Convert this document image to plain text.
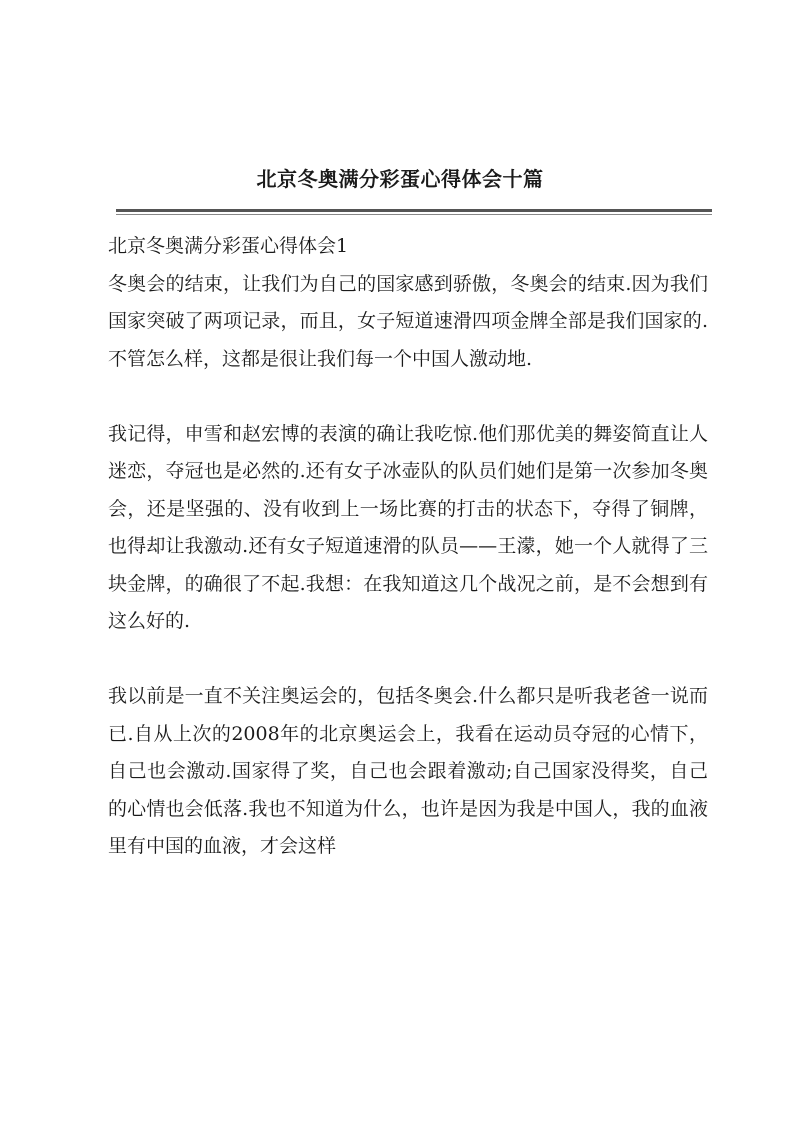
北京冬奥满分彩蛋心得体会十篇

北京冬奥满分彩蛋心得体会1

冬奥会的结束，让我们为自己的国家感到骄傲，冬奥会的结束.因为我们国家突破了两项记录，而且，女子短道速滑四项金牌全部是我们国家的.不管怎么样，这都是很让我们每一个中国人激动地.

我记得，申雪和赵宏博的表演的确让我吃惊.他们那优美的舞姿简直让人迷恋，夺冠也是必然的.还有女子冰壶队的队员们她们是第一次参加冬奥会，还是坚强的、没有收到上一场比赛的打击的状态下，夺得了铜牌，也得却让我激动.还有女子短道速滑的队员——王濛，她一个人就得了三块金牌，的确很了不起.我想：在我知道这几个战况之前，是不会想到有这么好的.

我以前是一直不关注奥运会的，包括冬奥会.什么都只是听我老爸一说而已.自从上次的2008年的北京奥运会上，我看在运动员夺冠的心情下，自己也会激动.国家得了奖，自己也会跟着激动;自己国家没得奖，自己的心情也会低落.我也不知道为什么，也许是因为我是中国人，我的血液里有中国的血液，才会这样
